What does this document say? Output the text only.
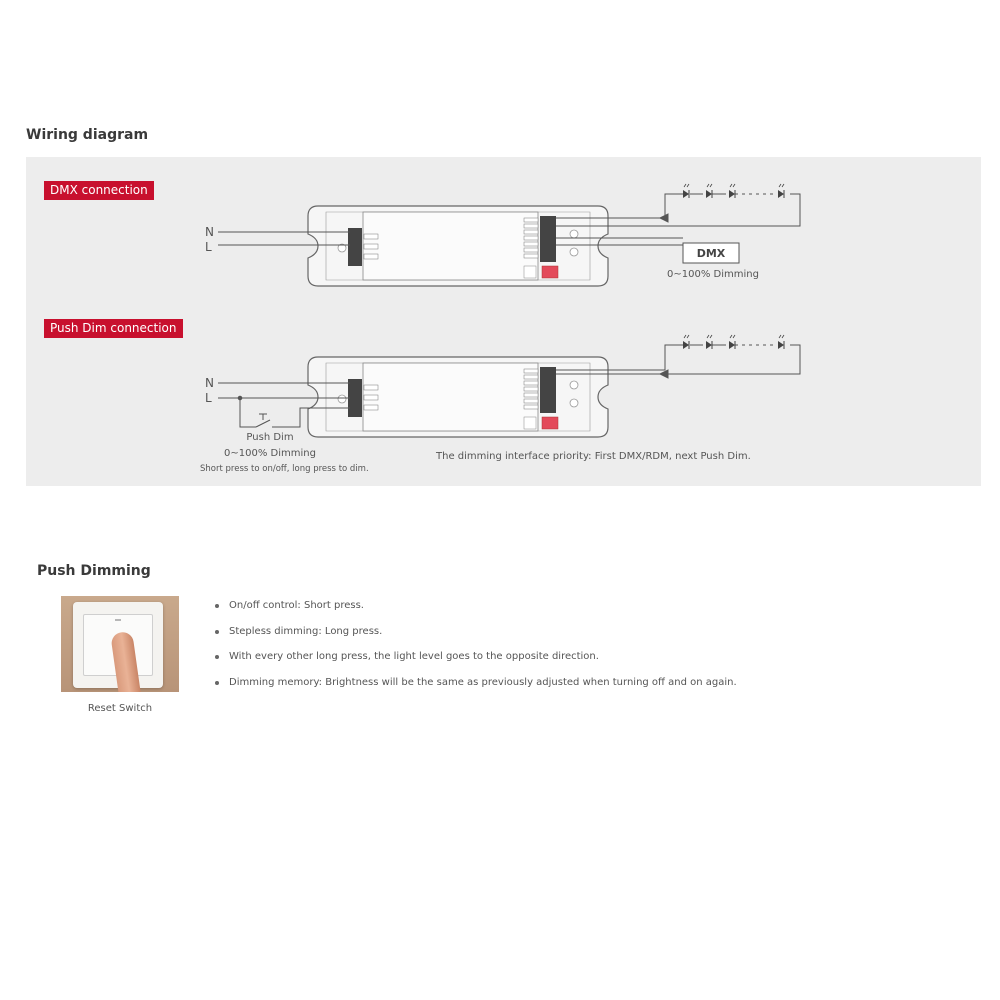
Wiring diagram
DMX connection
N
L	DMX
0~100% Dimming
Push Dim connection
N
L
Push Dim
0~100% Dimming
Short press to on/off, long press to dim.
The dimming interface priority: First DMX/RDM, next Push Dim.
Push Dimming
Reset Switch
On/off control: Short press.
Stepless dimming: Long press.
With every other long press, the light level goes to the opposite direction.
Dimming memory: Brightness will be the same as previously adjusted when turning off and on again.
